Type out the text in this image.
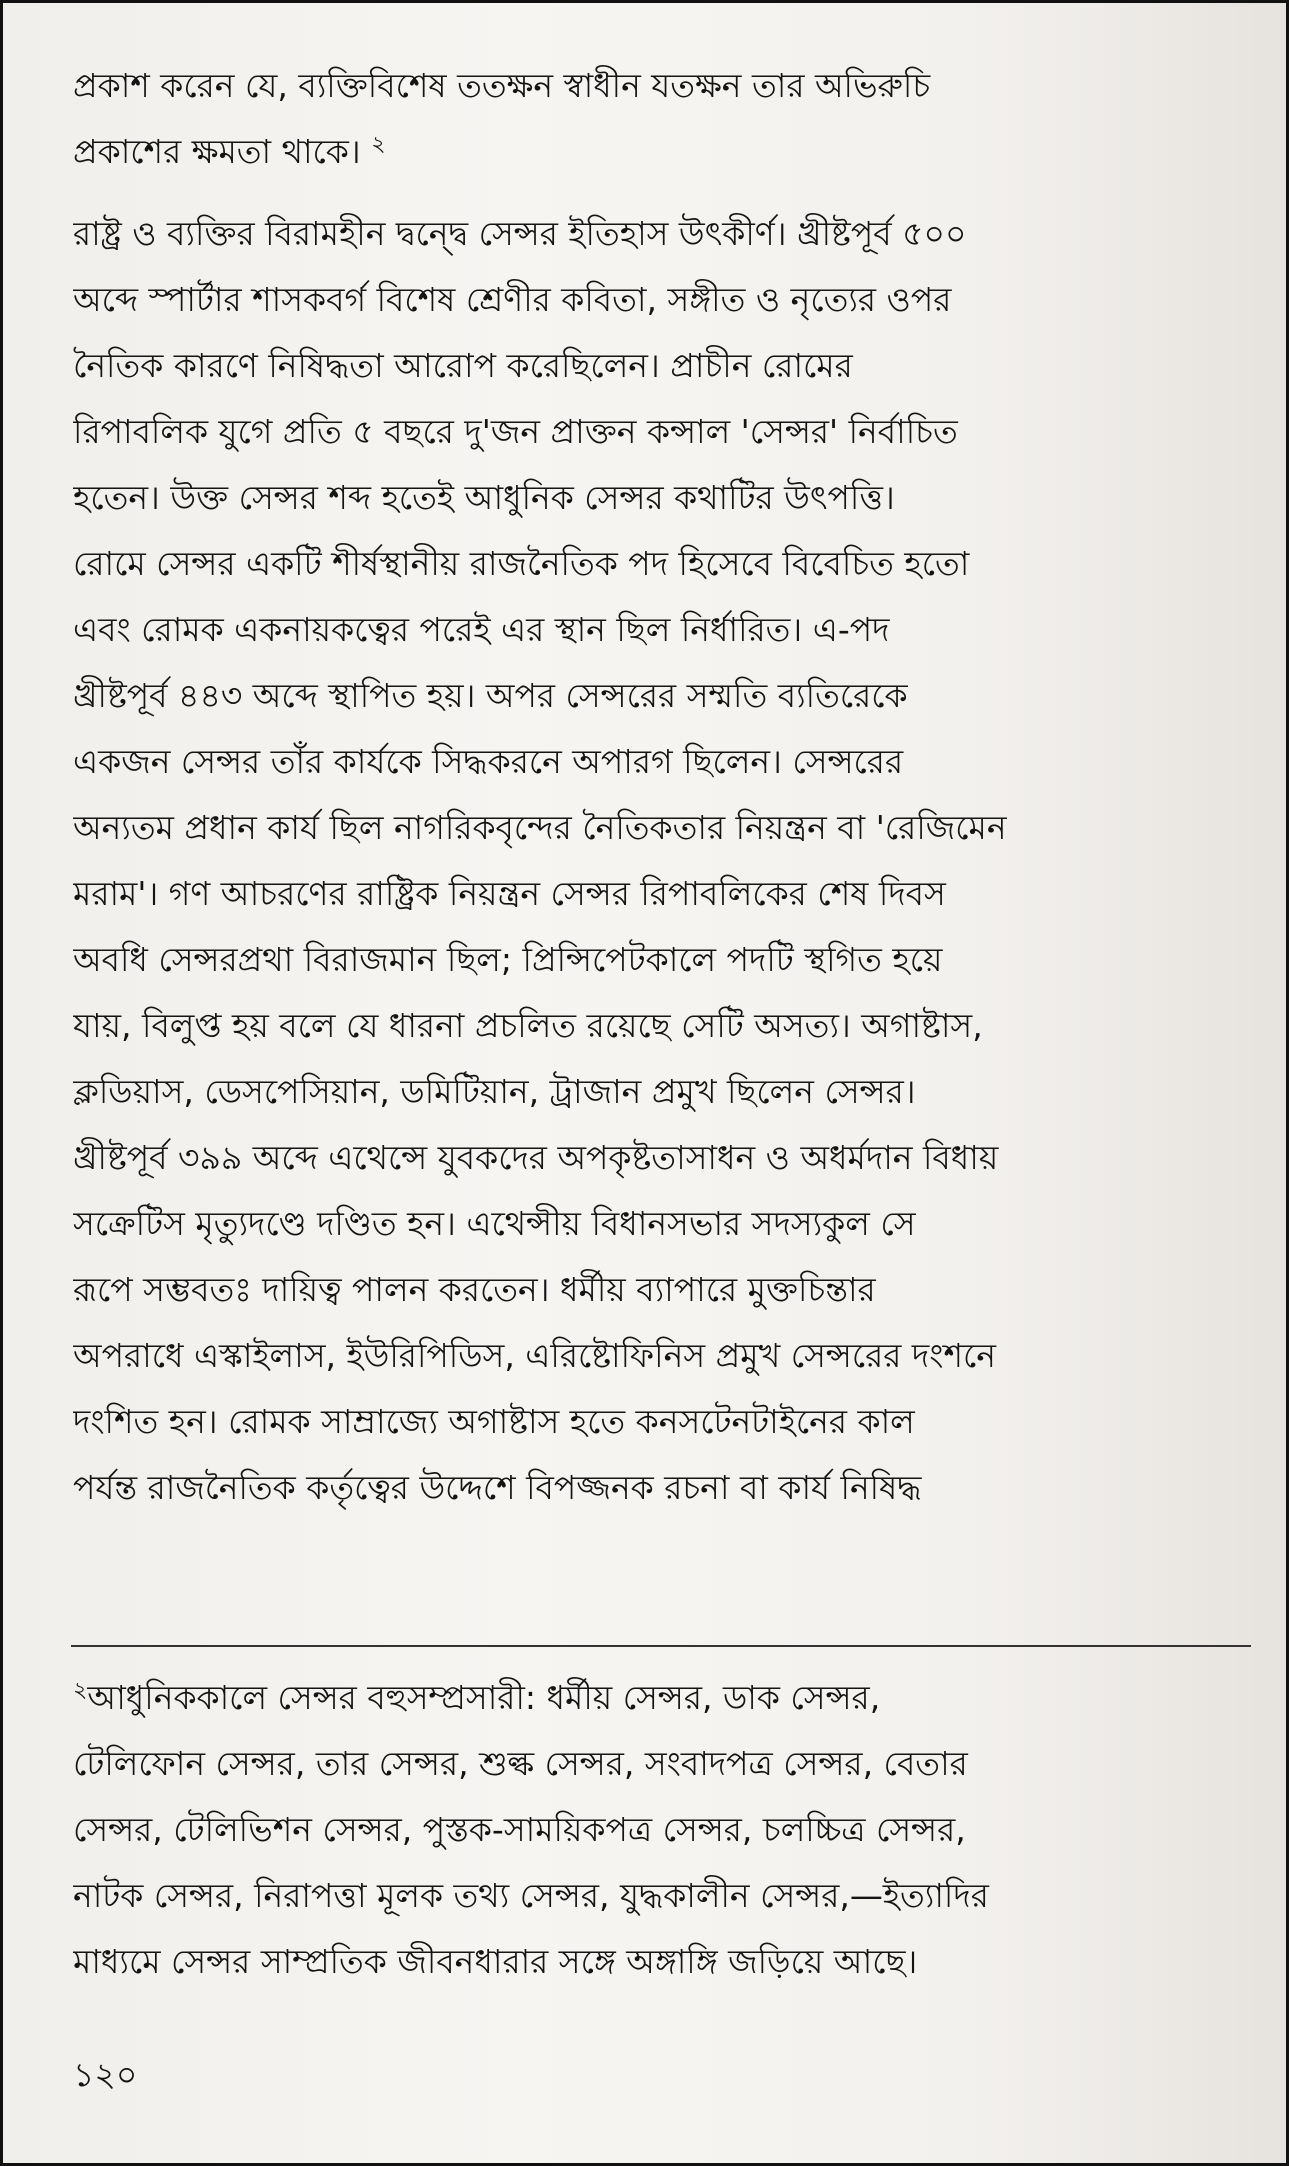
প্রকাশ করেন যে, ব্যক্তিবিশেষ ততক্ষন স্বাধীন যতক্ষন তার অভিরুচি
প্রকাশের ক্ষমতা থাকে। $^২$
রাষ্ট্র ও ব্যক্তির বিরামহীন দ্বন্দ্বে সেন্সর ইতিহাস উৎকীর্ণ। খ্রীষ্টপূর্ব ৫০০
অব্দে স্পার্টার শাসকবর্গ বিশেষ শ্রেণীর কবিতা, সঙ্গীত ও নৃত্যের ওপর
নৈতিক কারণে নিষিদ্ধতা আরোপ করেছিলেন। প্রাচীন রোমের
রিপাবলিক যুগে প্রতি ৫ বছরে দু'জন প্রাক্তন কন্সাল 'সেন্সর' নির্বাচিত
হতেন। উক্ত সেন্সর শব্দ হতেই আধুনিক সেন্সর কথাটির উৎপত্তি।
রোমে সেন্সর একটি শীর্ষস্থানীয় রাজনৈতিক পদ হিসেবে বিবেচিত হতো
এবং রোমক একনায়কত্বের পরেই এর স্থান ছিল নির্ধারিত। এ-পদ
খ্রীষ্টপূর্ব ৪৪৩ অব্দে স্থাপিত হয়। অপর সেন্সরের সম্মতি ব্যতিরেকে
একজন সেন্সর তাঁর কার্যকে সিদ্ধকরনে অপারগ ছিলেন। সেন্সরের
অন্যতম প্রধান কার্য ছিল নাগরিকবৃন্দের নৈতিকতার নিয়ন্ত্রন বা 'রেজিমেন
মরাম'। গণ আচরণের রাষ্ট্রিক নিয়ন্ত্রন সেন্সর রিপাবলিকের শেষ দিবস
অবধি সেন্সরপ্রথা বিরাজমান ছিল; প্রিন্সিপেটকালে পদটি স্থগিত হয়ে
যায়, বিলুপ্ত হয় বলে যে ধারনা প্রচলিত রয়েছে সেটি অসত্য। অগাষ্টাস,
ক্লডিয়াস, ডেসপেসিয়ান, ডমিটিয়ান, ট্রাজান প্রমুখ ছিলেন সেন্সর।
খ্রীষ্টপূর্ব ৩৯৯ অব্দে এথেন্সে যুবকদের অপকৃষ্টতাসাধন ও অধর্মদান বিধায়
সক্রেটিস মৃত্যুদণ্ডে দণ্ডিত হন। এথেন্সীয় বিধানসভার সদস্যকুল সে
রূপে সম্ভবতঃ দায়িত্ব পালন করতেন। ধর্মীয় ব্যাপারে মুক্তচিন্তার
অপরাধে এস্কাইলাস, ইউরিপিডিস, এরিষ্টোফিনিস প্রমুখ সেন্সরের দংশনে
দংশিত হন। রোমক সাম্রাজ্যে অগাষ্টাস হতে কনসটেনটাইনের কাল
পর্যন্ত রাজনৈতিক কর্তৃত্বের উদ্দেশে বিপজ্জনক রচনা বা কার্য নিষিদ্ধ
$^২$আধুনিককালে সেন্সর বহুসম্প্রসারী: ধর্মীয় সেন্সর, ডাক সেন্সর,
টেলিফোন সেন্সর, তার সেন্সর, শুল্ক সেন্সর, সংবাদপত্র সেন্সর, বেতার
সেন্সর, টেলিভিশন সেন্সর, পুস্তক-সাময়িকপত্র সেন্সর, চলচ্চিত্র সেন্সর,
নাটক সেন্সর, নিরাপত্তা মূলক তথ্য সেন্সর, যুদ্ধকালীন সেন্সর,—ইত্যাদির
মাধ্যমে সেন্সর সাম্প্রতিক জীবনধারার সঙ্গে অঙ্গাঙ্গি জড়িয়ে আছে।
১২০
